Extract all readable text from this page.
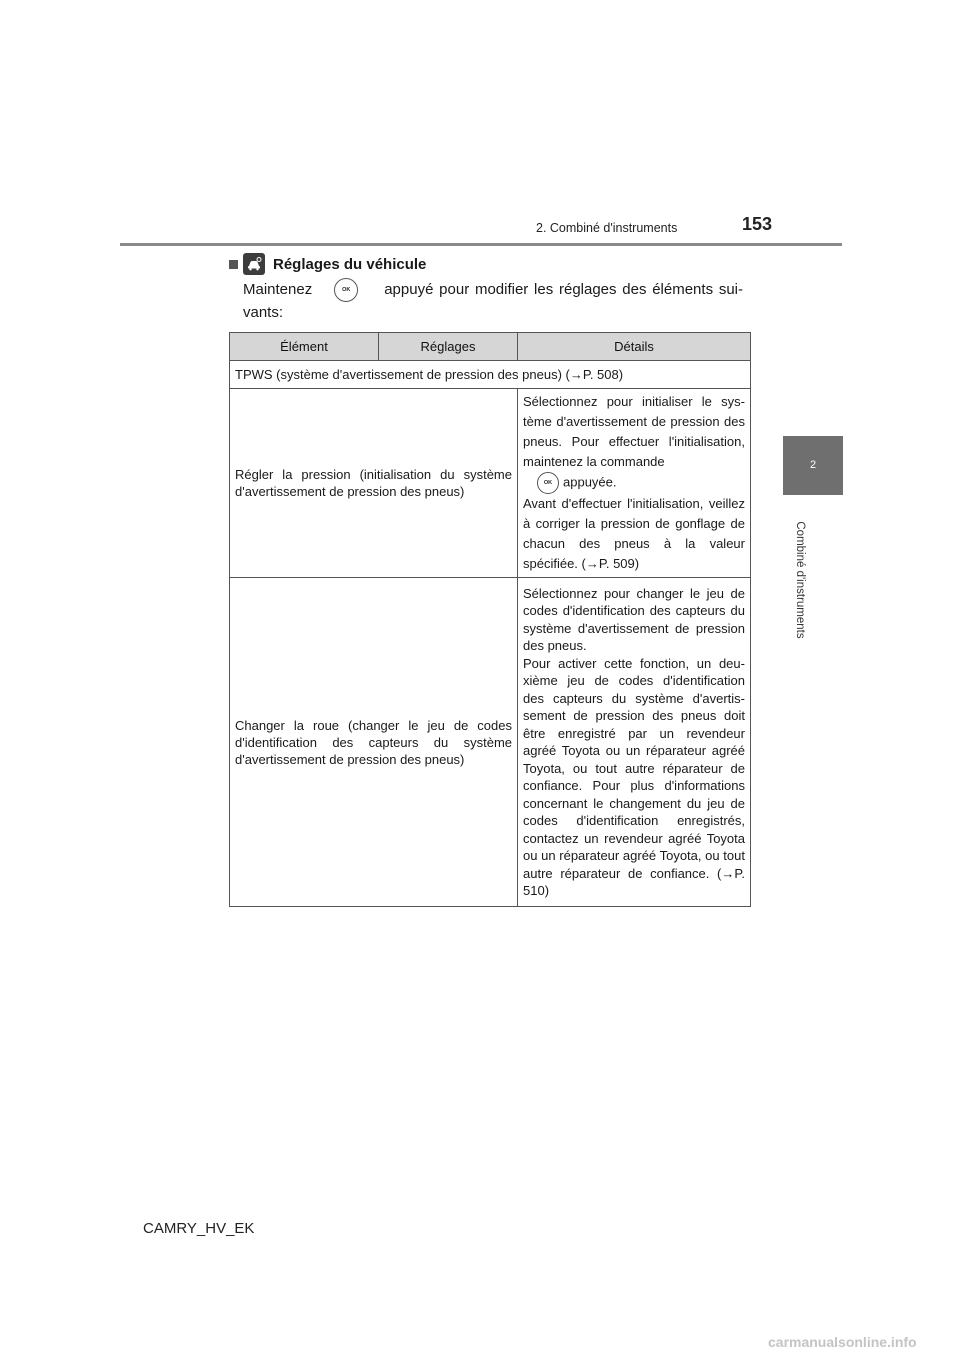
2. Combiné d'instruments	153
2
Combiné d'instruments
Réglages du véhicule
Maintenez	OK	appuyé pour modifier les réglages des éléments sui-
vants:
Élément	Réglages	Détails
TPWS (système d'avertissement de pression des pneus) (→P. 508)		
Régler la pression (initialisation du système d'avertissement de pression des pneus)		Sélectionnez pour initialiser le système d'avertissement de pression des pneus. Pour effectuer l'initialisation, maintenez la commande
OK appuyée.
Avant d'effectuer l'initialisation, veillez à corriger la pression de gonflage de chacun des pneus à la valeur spécifiée. (→P. 509)
Changer la roue (changer le jeu de codes d'identification des capteurs du système d'avertissement de pression des pneus)		Sélectionnez pour changer le jeu de codes d'identification des capteurs du système d'avertissement de pression des pneus.
Pour activer cette fonction, un deuxième jeu de codes d'identification des capteurs du système d'avertissement de pression des pneus doit être enregistré par un revendeur agréé Toyota ou un réparateur agréé Toyota, ou tout autre réparateur de confiance. Pour plus d'informations concernant le changement du jeu de codes d'identification enregistrés, contactez un revendeur agréé Toyota ou un réparateur agréé Toyota, ou tout autre réparateur de confiance. (→P. 510)
CAMRY_HV_EK
carmanualsonline.info
